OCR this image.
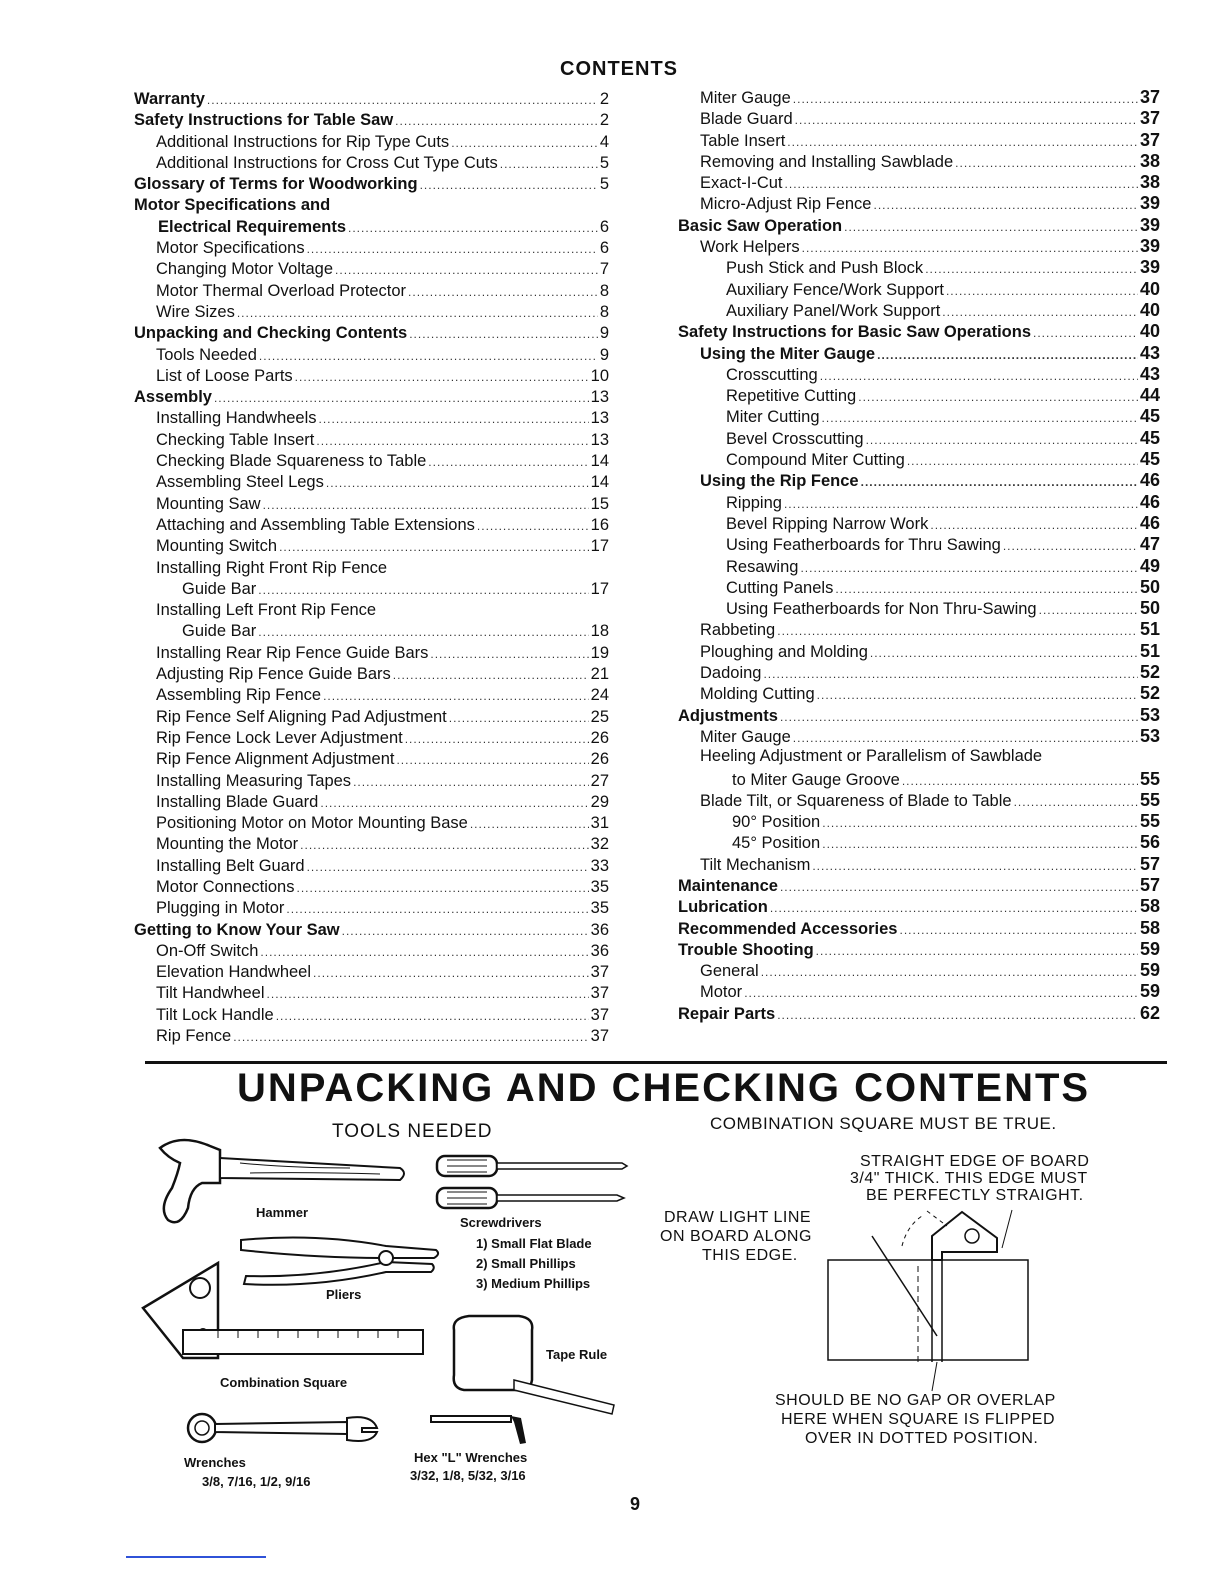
CONTENTS
Warranty .....	2
Safety Instructions for Table Saw .....	2
Additional Instructions for Rip Type Cuts .....	4
Additional Instructions for Cross Cut Type Cuts .....	5
Glossary of Terms for Woodworking .....	5
Motor Specifications and
Electrical Requirements .....	6
Motor Specifications .....	6
Changing Motor Voltage .....	7
Motor Thermal Overload Protector .....	8
Wire Sizes .....	8
Unpacking and Checking Contents .....	9
Tools Needed .....	9
List of Loose Parts .....	10
Assembly .....	13
Installing Handwheels .....	13
Checking Table Insert .....	13
Checking Blade Squareness to Table .....	14
Assembling Steel Legs .....	14
Mounting Saw .....	15
Attaching and Assembling Table Extensions .....	16
Mounting Switch .....	17
Installing Right Front Rip Fence
Guide Bar .....	17
Installing Left Front Rip Fence
Guide Bar .....	18
Installing Rear Rip Fence Guide Bars .....	19
Adjusting Rip Fence Guide Bars .....	21
Assembling Rip Fence .....	24
Rip Fence Self Aligning Pad Adjustment .....	25
Rip Fence Lock Lever Adjustment .....	26
Rip Fence Alignment Adjustment .....	26
Installing Measuring Tapes .....	27
Installing Blade Guard .....	29
Positioning Motor on Motor Mounting Base .....	31
Mounting the Motor .....	32
Installing Belt Guard .....	33
Motor Connections .....	35
Plugging in Motor .....	35
Getting to Know Your Saw .....	36
On-Off Switch .....	36
Elevation Handwheel .....	37
Tilt Handwheel .....	37
Tilt Lock Handle .....	37
Rip Fence .....	37
Miter Gauge .....	37
Blade Guard .....	37
Table Insert .....	37
Removing and Installing Sawblade .....	38
Exact-I-Cut .....	38
Micro-Adjust Rip Fence .....	39
Basic Saw Operation .....	39
Work Helpers .....	39
Push Stick and Push Block .....	39
Auxiliary Fence/Work Support .....	40
Auxiliary Panel/Work Support .....	40
Safety Instructions for Basic Saw Operations .....	40
Using the Miter Gauge .....	43
Crosscutting .....	43
Repetitive Cutting .....	44
Miter Cutting .....	45
Bevel Crosscutting .....	45
Compound Miter Cutting .....	45
Using the Rip Fence .....	46
Ripping .....	46
Bevel Ripping Narrow Work .....	46
Using Featherboards for Thru Sawing .....	47
Resawing .....	49
Cutting Panels .....	50
Using Featherboards for Non Thru-Sawing .....	50
Rabbeting .....	51
Ploughing and Molding .....	51
Dadoing .....	52
Molding Cutting .....	52
Adjustments .....	53
Miter Gauge .....	53
Heeling Adjustment or Parallelism of Sawblade
to Miter Gauge Groove .....	55
Blade Tilt, or Squareness of Blade to Table .....	55
90° Position .....	55
45° Position .....	56
Tilt Mechanism .....	57
Maintenance .....	57
Lubrication .....	58
Recommended Accessories .....	58
Trouble Shooting .....	59
General .....	59
Motor .....	59
Repair Parts .....	62
UNPACKING AND CHECKING CONTENTS
TOOLS NEEDED	COMBINATION SQUARE MUST BE TRUE.
Hammer
Screwdrivers
1) Small Flat Blade
2) Small Phillips
3) Medium Phillips
Pliers
Combination Square
Tape Rule
Wrenches
3/8, 7/16, 1/2, 9/16
Hex "L" Wrenches
3/32, 1/8, 5/32, 3/16
STRAIGHT EDGE OF BOARD
3/4" THICK. THIS EDGE MUST
BE PERFECTLY STRAIGHT.
DRAW LIGHT LINE
ON BOARD ALONG
THIS EDGE.
SHOULD BE NO GAP OR OVERLAP
HERE WHEN SQUARE IS FLIPPED
OVER IN DOTTED POSITION.
9
